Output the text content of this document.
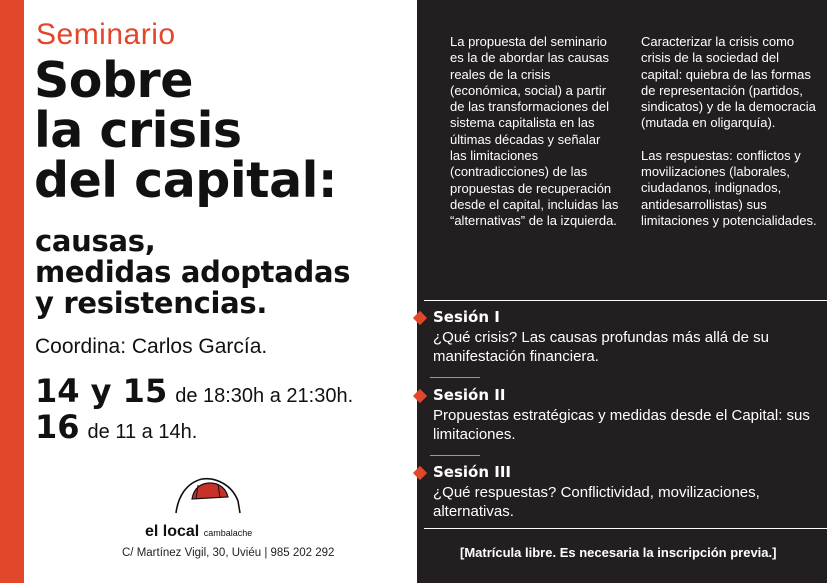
Seminario
Sobre
la crisis
del capital:
causas,
medidas adoptadas
y resistencias.
Coordina: Carlos García.
14 y 15 de 18:30h a 21:30h.
16 de 11 a 14h.
el local cambalache
C/ Martínez Vigil, 30, Uviéu | 985 202 292

La propuesta del seminario es la de abordar las causas reales de la crisis (económica, social) a partir de las transformaciones del sistema capitalista en las últimas décadas y señalar las limitaciones (contradicciones) de las propuestas de recuperación desde el capital, incluidas las “alternativas” de la izquierda.

Caracterizar la crisis como crisis de la sociedad del capital: quiebra de las formas de representación (partidos, sindicatos) y de la democracia (mutada en oligarquía).

Las respuestas: conflictos y movilizaciones (laborales, ciudadanos, indignados, antidesarrollistas) sus limitaciones y potencialidades.

Sesión I
¿Qué crisis? Las causas profundas más allá de su manifestación financiera.
Sesión II
Propuestas estratégicas y medidas desde el Capital: sus limitaciones.
Sesión III
¿Qué respuestas? Conflictividad, movilizaciones, alternativas.
[Matrícula libre. Es necesaria la inscripción previa.]
